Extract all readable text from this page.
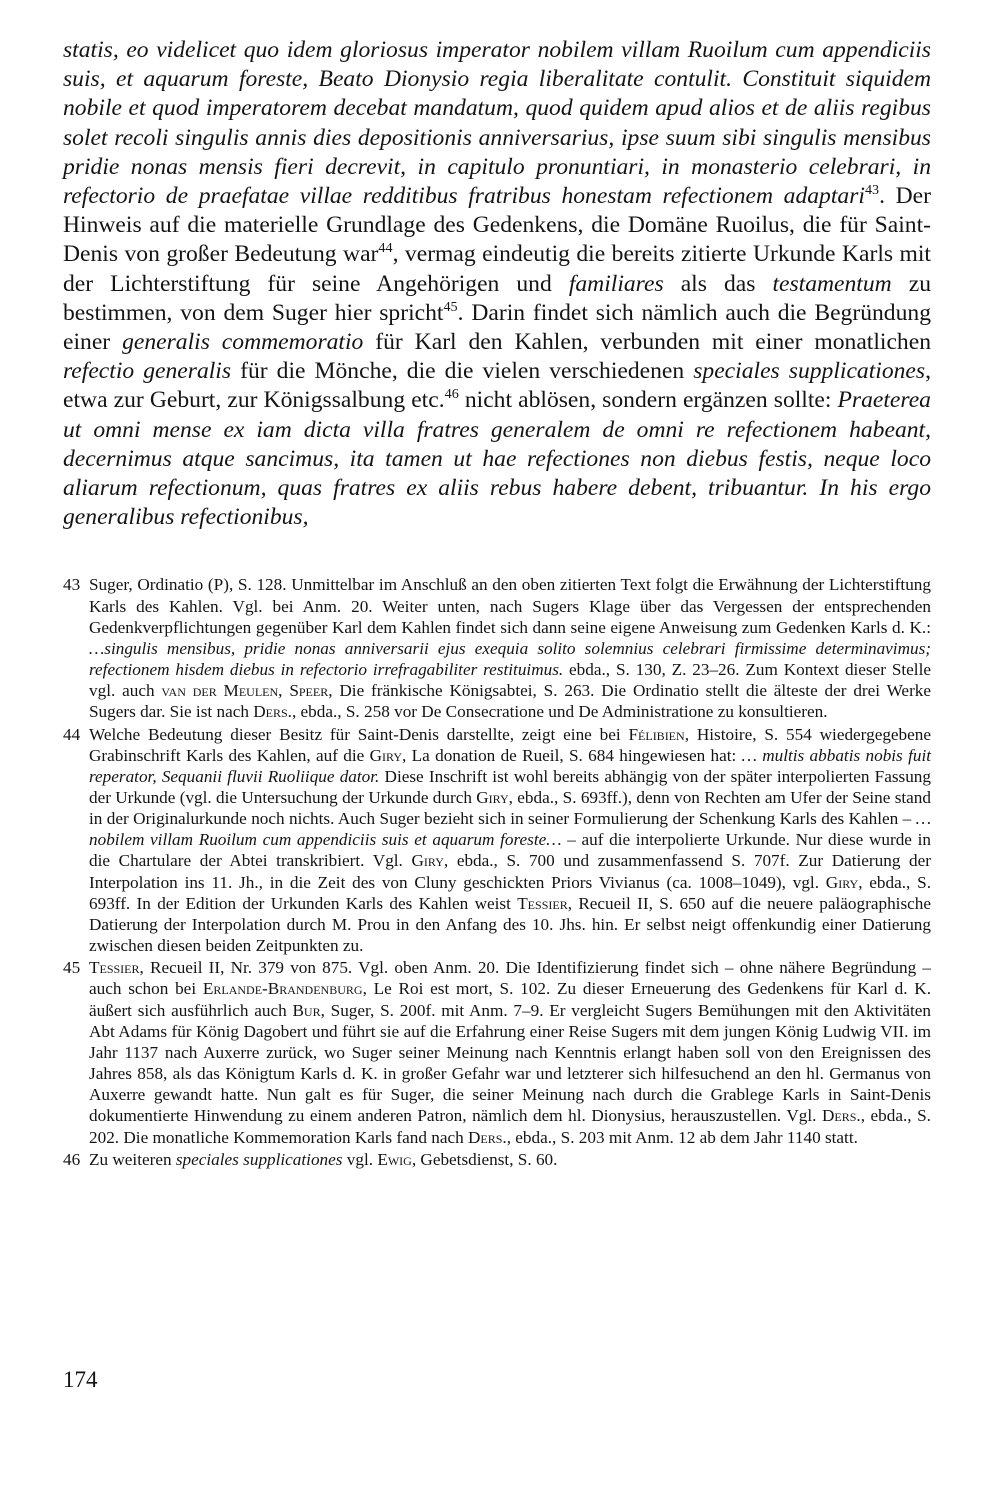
statis, eo videlicet quo idem gloriosus imperator nobilem villam Ruoilum cum appendiciis suis, et aquarum foreste, Beato Dionysio regia liberalitate contulit. Constituit siquidem nobile et quod imperatorem decebat mandatum, quod quidem apud alios et de aliis regibus solet recoli singulis annis dies depositionis anniversarius, ipse suum sibi singulis mensibus pridie nonas mensis fieri decrevit, in capitulo pronuntiari, in monasterio celebrari, in refectorio de praefatae villae redditibus fratribus honestam refectionem adaptari$^{43}$. Der Hinweis auf die materielle Grundlage des Gedenkens, die Domäne Ruoilus, die für Saint-Denis von großer Bedeutung war$^{44}$, vermag eindeutig die bereits zitierte Urkunde Karls mit der Lichterstiftung für seine Angehörigen und familiares als das testamentum zu bestimmen, von dem Suger hier spricht$^{45}$. Darin findet sich nämlich auch die Begründung einer generalis commemoratio für Karl den Kahlen, verbunden mit einer monatlichen refectio generalis für die Mönche, die die vielen verschiedenen speciales supplicationes, etwa zur Geburt, zur Königssalbung etc.$^{46}$ nicht ablösen, sondern ergänzen sollte: Praeterea ut omni mense ex iam dicta villa fratres generalem de omni re refectionem habeant, decernimus atque sancimus, ita tamen ut hae refectiones non diebus festis, neque loco aliarum refectionum, quas fratres ex aliis rebus habere debent, tribuantur. In his ergo generalibus refectionibus,

43 Suger, Ordinatio (P), S. 128. Unmittelbar im Anschluß an den oben zitierten Text folgt die Erwähnung der Lichterstiftung Karls des Kahlen. Vgl. bei Anm. 20. Weiter unten, nach Sugers Klage über das Vergessen der entsprechenden Gedenkverpflichtungen gegenüber Karl dem Kahlen findet sich dann seine eigene Anweisung zum Gedenken Karls d. K.: …singulis mensibus, pridie nonas anniversarii ejus exequia solito solemnius celebrari firmissime determinavimus; refectionem hisdem diebus in refectorio irrefragabiliter restituimus. ebda., S. 130, Z. 23–26. Zum Kontext dieser Stelle vgl. auch van der Meulen, Speer, Die fränkische Königsabtei, S. 263. Die Ordinatio stellt die älteste der drei Werke Sugers dar. Sie ist nach Ders., ebda., S. 258 vor De Consecratione und De Administratione zu konsultieren.
44 Welche Bedeutung dieser Besitz für Saint-Denis darstellte, zeigt eine bei Félibien, Histoire, S. 554 wiedergegebene Grabinschrift Karls des Kahlen, auf die Giry, La donation de Rueil, S. 684 hingewiesen hat: … multis abbatis nobis fuit reperator, Sequanii fluvii Ruoliique dator. Diese Inschrift ist wohl bereits abhängig von der später interpolierten Fassung der Urkunde (vgl. die Untersuchung der Urkunde durch Giry, ebda., S. 693ff.), denn von Rechten am Ufer der Seine stand in der Originalurkunde noch nichts. Auch Suger bezieht sich in seiner Formulierung der Schenkung Karls des Kahlen – …nobilem villam Ruoilum cum appendiciis suis et aquarum foreste… – auf die interpolierte Urkunde. Nur diese wurde in die Chartulare der Abtei transkribiert. Vgl. Giry, ebda., S. 700 und zusammenfassend S. 707f. Zur Datierung der Interpolation ins 11. Jh., in die Zeit des von Cluny geschickten Priors Vivianus (ca. 1008–1049), vgl. Giry, ebda., S. 693ff. In der Edition der Urkunden Karls des Kahlen weist Tessier, Recueil II, S. 650 auf die neuere paläographische Datierung der Interpolation durch M. Prou in den Anfang des 10. Jhs. hin. Er selbst neigt offenkundig einer Datierung zwischen diesen beiden Zeitpunkten zu.
45 Tessier, Recueil II, Nr. 379 von 875. Vgl. oben Anm. 20. Die Identifizierung findet sich – ohne nähere Begründung – auch schon bei Erlande-Brandenburg, Le Roi est mort, S. 102. Zu dieser Erneuerung des Gedenkens für Karl d. K. äußert sich ausführlich auch Bur, Suger, S. 200f. mit Anm. 7–9. Er vergleicht Sugers Bemühungen mit den Aktivitäten Abt Adams für König Dagobert und führt sie auf die Erfahrung einer Reise Sugers mit dem jungen König Ludwig VII. im Jahr 1137 nach Auxerre zurück, wo Suger seiner Meinung nach Kenntnis erlangt haben soll von den Ereignissen des Jahres 858, als das Königtum Karls d. K. in großer Gefahr war und letzterer sich hilfesuchend an den hl. Germanus von Auxerre gewandt hatte. Nun galt es für Suger, die seiner Meinung nach durch die Grablege Karls in Saint-Denis dokumentierte Hinwendung zu einem anderen Patron, nämlich dem hl. Dionysius, herauszustellen. Vgl. Ders., ebda., S. 202. Die monatliche Kommemoration Karls fand nach Ders., ebda., S. 203 mit Anm. 12 ab dem Jahr 1140 statt.
46 Zu weiteren speciales supplicationes vgl. Ewig, Gebetsdienst, S. 60.
174
